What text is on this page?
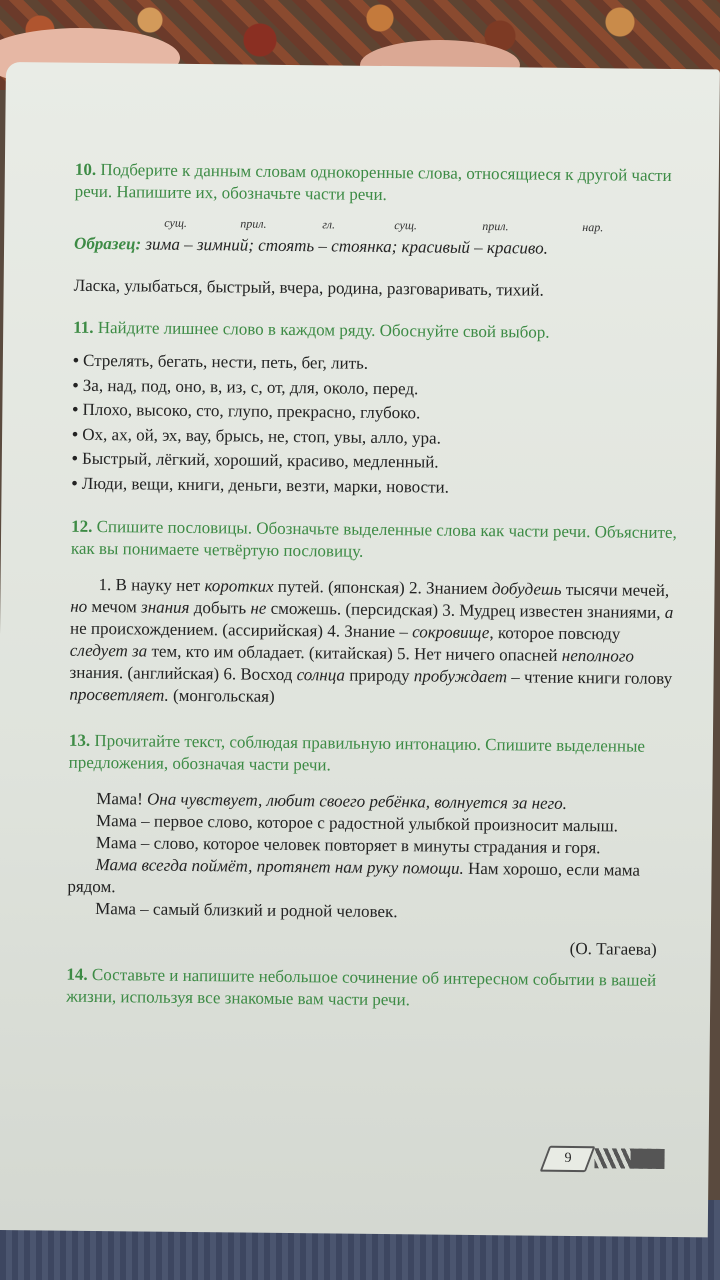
10. Подберите к данным словам однокоренные слова, относящиеся к другой части речи. Напишите их, обозначьте части речи.

сущ.	прил.	гл.	сущ.	прил.	нар.

Образец: зима – зимний; стоять – стоянка; красивый – красиво.

Ласка, улыбаться, быстрый, вчера, родина, разговаривать, тихий.

11. Найдите лишнее слово в каждом ряду. Обоснуйте свой выбор.

• Стрелять, бегать, нести, петь, бег, лить.
• За, над, под, оно, в, из, с, от, для, около, перед.
• Плохо, высоко, сто, глупо, прекрасно, глубоко.
• Ох, ах, ой, эх, вау, брысь, не, стоп, увы, алло, ура.
• Быстрый, лёгкий, хороший, красиво, медленный.
• Люди, вещи, книги, деньги, везти, марки, новости.

12. Спишите пословицы. Обозначьте выделенные слова как части речи. Объясните, как вы понимаете четвёртую пословицу.

1. В науку нет коротких путей. (японская) 2. Знанием добудешь тысячи мечей, но мечом знания добыть не сможешь. (персидская) 3. Мудрец известен знаниями, а не происхождением. (ассирийская) 4. Знание – сокровище, которое повсюду следует за тем, кто им обладает. (китайская) 5. Нет ничего опасней неполного знания. (английская) 6. Восход солнца природу пробуждает – чтение книги голову просветляет. (монгольская)

13. Прочитайте текст, соблюдая правильную интонацию. Спишите выделенные предложения, обозначая части речи.

Мама! Она чувствует, любит своего ребёнка, волнуется за него.

Мама – первое слово, которое с радостной улыбкой произносит малыш.

Мама – слово, которое человек повторяет в минуты страдания и горя.

Мама всегда поймёт, протянет нам руку помощи. Нам хорошо, если мама рядом.

Мама – самый близкий и родной человек.

(О. Тагаева)

14. Составьте и напишите небольшое сочинение об интересном событии в вашей жизни, используя все знакомые вам части речи.

9
